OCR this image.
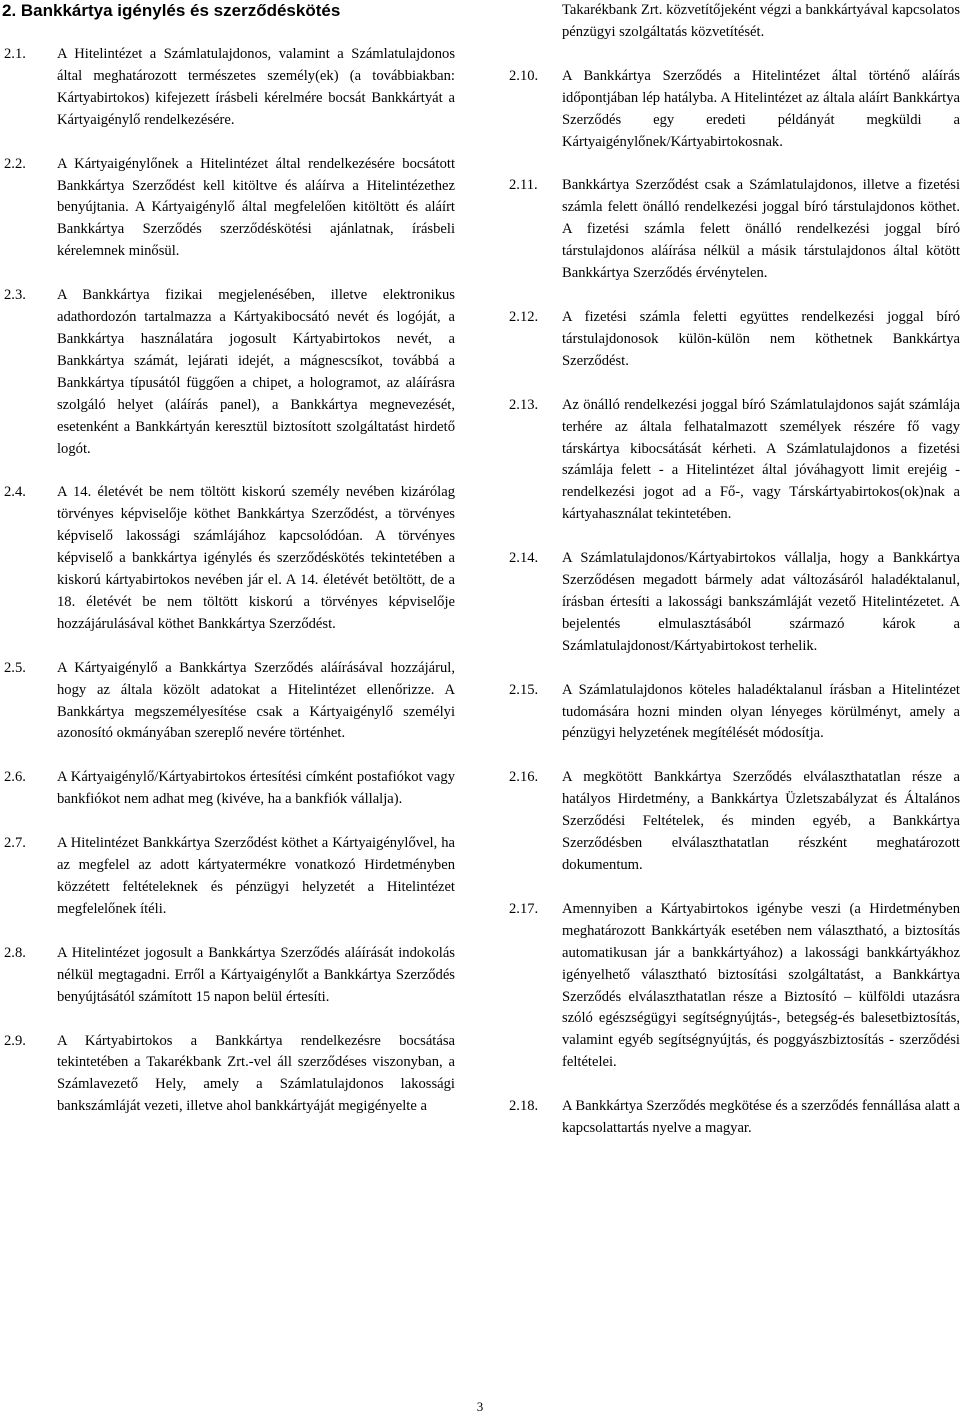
2. Bankkártya igénylés és szerződéskötés
2.1.	A Hitelintézet a Számlatulajdonos, valamint a Számlatulajdonos által meghatározott természetes személy(ek) (a továbbiakban: Kártyabirtokos) kifejezett írásbeli kérelmére bocsát Bankkártyát a Kártyaigénylő rendelkezésére.
2.2.	A Kártyaigénylőnek a Hitelintézet által rendelkezésére bocsátott Bankkártya Szerződést kell kitöltve és aláírva a Hitelintézethez benyújtania. A Kártyaigénylő által megfelelően kitöltött és aláírt Bankkártya Szerződés szerződéskötési ajánlatnak, írásbeli kérelemnek minősül.
2.3.	A Bankkártya fizikai megjelenésében, illetve elektronikus adathordozón tartalmazza a Kártyakibocsátó nevét és logóját, a Bankkártya használatára jogosult Kártyabirtokos nevét, a Bankkártya számát, lejárati idejét, a mágnescsíkot, továbbá a Bankkártya típusától függően a chipet, a hologramot, az aláírásra szolgáló helyet (aláírás panel), a Bankkártya megnevezését, esetenként a Bankkártyán keresztül biztosított szolgáltatást hirdető logót.
2.4.	A 14. életévét be nem töltött kiskorú személy nevében kizárólag törvényes képviselője köthet Bankkártya Szerződést, a törvényes képviselő lakossági számlájához kapcsolódóan. A törvényes képviselő a bankkártya igénylés és szerződéskötés tekintetében a kiskorú kártyabirtokos nevében jár el. A 14. életévét betöltött, de a 18. életévét be nem töltött kiskorú a törvényes képviselője hozzájárulásával köthet Bankkártya Szerződést.
2.5.	A Kártyaigénylő a Bankkártya Szerződés aláírásával hozzájárul, hogy az általa közölt adatokat a Hitelintézet ellenőrizze. A Bankkártya megszemélyesítése csak a Kártyaigénylő személyi azonosító okmányában szereplő nevére történhet.
2.6.	A Kártyaigénylő/Kártyabirtokos értesítési címként postafiókot vagy bankfiókot nem adhat meg (kivéve, ha a bankfiók vállalja).
2.7.	A Hitelintézet Bankkártya Szerződést köthet a Kártyaigénylővel, ha az megfelel az adott kártyatermékre vonatkozó Hirdetményben közzétett feltételeknek és pénzügyi helyzetét a Hitelintézet megfelelőnek ítéli.
2.8.	A Hitelintézet jogosult a Bankkártya Szerződés aláírását indokolás nélkül megtagadni. Erről a Kártyaigénylőt a Bankkártya Szerződés benyújtásától számított 15 napon belül értesíti.
2.9.	A Kártyabirtokos a Bankkártya rendelkezésre bocsátása tekintetében a Takarékbank Zrt.-vel áll szerződéses viszonyban, a Számlavezető Hely, amely a Számlatulajdonos lakossági bankszámláját vezeti, illetve ahol bankkártyáját megigényelte a
Takarékbank Zrt. közvetítőjeként végzi a bankkártyával kapcsolatos pénzügyi szolgáltatás közvetítését.
2.10.	A Bankkártya Szerződés a Hitelintézet által történő aláírás időpontjában lép hatályba. A Hitelintézet az általa aláírt Bankkártya Szerződés egy eredeti példányát megküldi a Kártyaigénylőnek/Kártyabirtokosnak.
2.11.	Bankkártya Szerződést csak a Számlatulajdonos, illetve a fizetési számla felett önálló rendelkezési joggal bíró társtulajdonos köthet. A fizetési számla felett önálló rendelkezési joggal bíró társtulajdonos aláírása nélkül a másik társtulajdonos által kötött Bankkártya Szerződés érvénytelen.
2.12.	A fizetési számla feletti együttes rendelkezési joggal bíró társtulajdonosok külön-külön nem köthetnek Bankkártya Szerződést.
2.13.	Az önálló rendelkezési joggal bíró Számlatulajdonos saját számlája terhére az általa felhatalmazott személyek részére fő vagy társkártya kibocsátását kérheti. A Számlatulajdonos a fizetési számlája felett - a Hitelintézet által jóváhagyott limit erejéig - rendelkezési jogot ad a Fő-, vagy Társkártyabirtokos(ok)nak a kártyahasználat tekintetében.
2.14.	A Számlatulajdonos/Kártyabirtokos vállalja, hogy a Bankkártya Szerződésen megadott bármely adat változásáról haladéktalanul, írásban értesíti a lakossági bankszámláját vezető Hitelintézetet. A bejelentés elmulasztásából származó károk a Számlatulajdonost/Kártyabirtokost terhelik.
2.15.	A Számlatulajdonos köteles haladéktalanul írásban a Hitelintézet tudomására hozni minden olyan lényeges körülményt, amely a pénzügyi helyzetének megítélését módosítja.
2.16.	A megkötött Bankkártya Szerződés elválaszthatatlan része a hatályos Hirdetmény, a Bankkártya Üzletszabályzat és Általános Szerződési Feltételek, és minden egyéb, a Bankkártya Szerződésben elválaszthatatlan részként meghatározott dokumentum.
2.17.	Amennyiben a Kártyabirtokos igénybe veszi (a Hirdetményben meghatározott Bankkártyák esetében nem választható, a biztosítás automatikusan jár a bankkártyához) a lakossági bankkártyákhoz igényelhető választható biztosítási szolgáltatást, a Bankkártya Szerződés elválaszthatatlan része a Biztosító – külföldi utazásra szóló egészségügyi segítségnyújtás-, betegség-és balesetbiztosítás, valamint egyéb segítségnyújtás, és poggyászbiztosítás - szerződési feltételei.
2.18.	A Bankkártya Szerződés megkötése és a szerződés fennállása alatt a kapcsolattartás nyelve a magyar.
3
